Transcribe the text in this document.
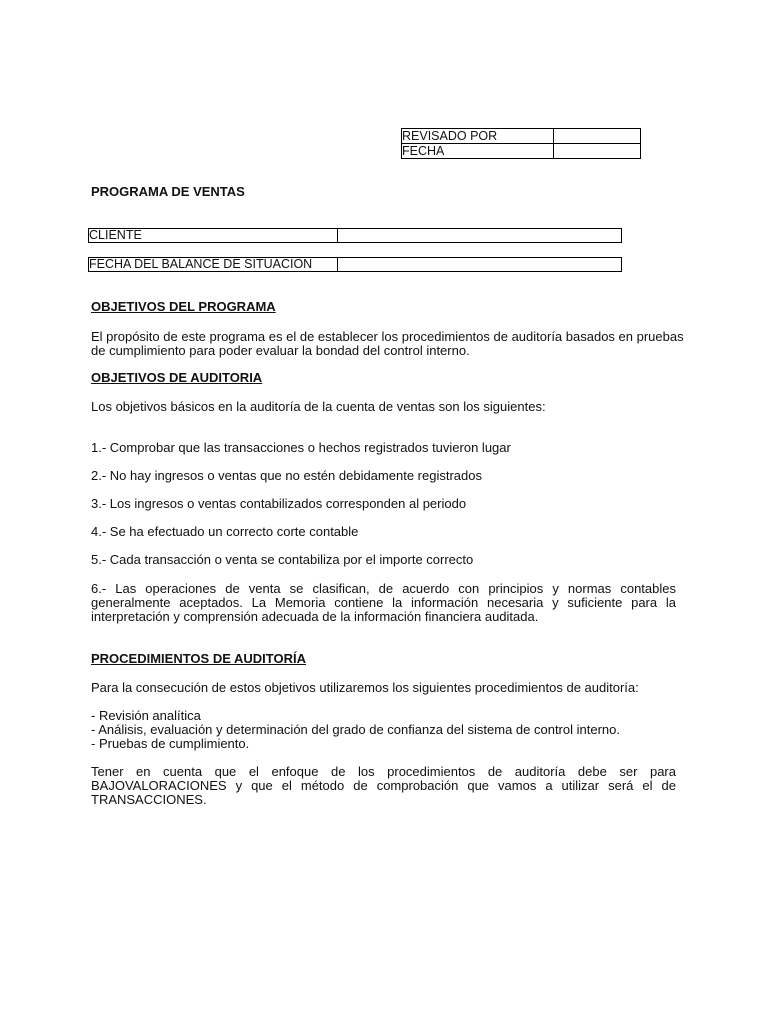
REVISADO POR	
FECHA	
PROGRAMA DE VENTAS
CLIENTE	
FECHA DEL BALANCE DE SITUACION	
OBJETIVOS DEL PROGRAMA
El propósito de este programa es el de establecer los procedimientos de auditoría basados en pruebas
de cumplimiento para poder evaluar la bondad del control interno.
OBJETIVOS DE AUDITORIA
Los objetivos básicos en la auditoría de la cuenta de ventas son los siguientes:
1.- Comprobar que las transacciones o hechos registrados tuvieron lugar
2.- No hay ingresos o ventas que no estén debidamente registrados
3.- Los ingresos o ventas contabilizados corresponden al periodo
4.- Se ha efectuado un correcto corte contable
5.- Cada transacción o venta se contabiliza por el importe correcto
6.- Las operaciones de venta se clasifican, de acuerdo con principios y normas contables generalmente aceptados. La Memoria contiene la información necesaria y suficiente para la interpretación y comprensión adecuada de la información financiera auditada.
PROCEDIMIENTOS DE AUDITORÍA
Para la consecución de estos objetivos utilizaremos los siguientes procedimientos de auditoría:
- Revisión analítica
- Análisis, evaluación y determinación del grado de confianza del sistema de control interno.
- Pruebas de cumplimiento.
Tener en cuenta que el enfoque de los procedimientos de auditoría debe ser para BAJOVALORACIONES y que el método de comprobación que vamos a utilizar será el de TRANSACCIONES.
